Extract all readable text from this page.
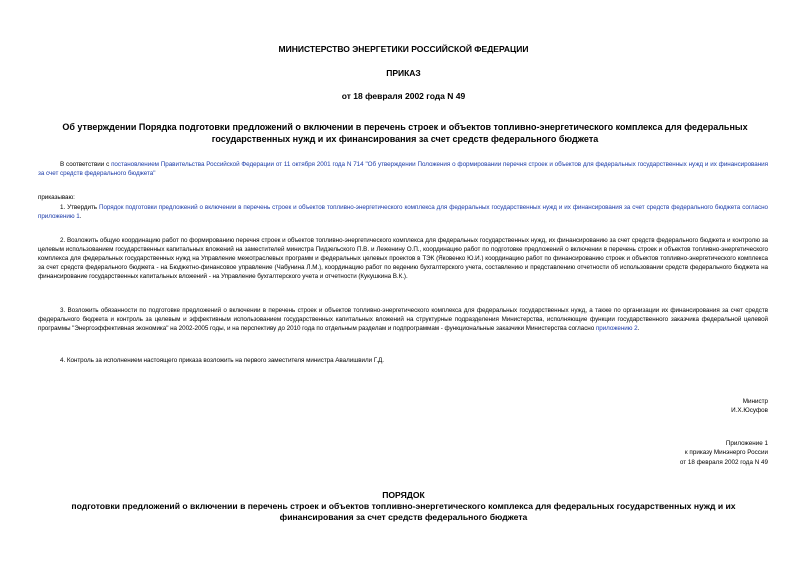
МИНИСТЕРСТВО ЭНЕРГЕТИКИ РОССИЙСКОЙ ФЕДЕРАЦИИ
ПРИКАЗ
от 18 февраля 2002 года N 49
Об утверждении Порядка подготовки предложений о включении в перечень строек и объектов топливно-энергетического комплекса для федеральных
государственных нужд и их финансирования за счет средств федерального бюджета
В соответствии с постановлением Правительства Российской Федерации от 11 октября 2001 года N 714 "Об утверждении Положения о формировании перечня строек и объектов для федеральных государственных нужд и их финансирования за счет средств федерального бюджета"
приказываю:
1. Утвердить Порядок подготовки предложений о включении в перечень строек и объектов топливно-энергетического комплекса для федеральных государственных нужд и их финансирования за счет средств федерального бюджета согласно приложению 1.
2. Возложить общую координацию работ по формированию перечня строек и объектов топливно-энергетического комплекса для федеральных государственных нужд, их финансированию за счет средств федерального бюджета и контролю за целевым использованием государственных капитальных вложений на заместителей министра Пидзельского П.В. и Леженину О.П., координацию работ по подготовке предложений о включении в перечень строек и объектов топливно-энергетического комплекса для федеральных государственных нужд на Управление межотраслевых программ и федеральных целевых проектов в ТЭК (Яковенко Ю.И.) координацию работ по финансированию строек и объектов топливно-энергетического комплекса за счет средств федерального бюджета - на Бюджетно-финансовое управление (Чабунина Л.М.), координацию работ по ведению бухгалтерского учета, составлению и представлению отчетности об использовании средств федерального бюджета на финансирование государственных капитальных вложений - на Управление бухгалтерского учета и отчетности (Кукушкина В.К.).
3. Возложить обязанности по подготовке предложений о включении в перечень строек и объектов топливно-энергетического комплекса для федеральных государственных нужд, а также по организации их финансирования за счет средств федерального бюджета и контроль за целевым и эффективным использованием государственных капитальных вложений на структурные подразделения Министерства, исполняющие функции государственного заказчика федеральной целевой программы "Энергоэффективная экономика" на 2002-2005 годы, и на перспективу до 2010 года по отдельным разделам и подпрограммам - функциональные заказчики Министерства согласно приложению 2.
4. Контроль за исполнением настоящего приказа возложить на первого заместителя министра Авалишвили Г.Д.
Министр
И.Х.Юсуфов
Приложение 1
к приказу Минэнерго России
от 18 февраля 2002 года N 49
ПОРЯДОК
подготовки предложений о включении в перечень строек и объектов топливно-энергетического комплекса для федеральных государственных нужд и их
финансирования за счет средств федерального бюджета
